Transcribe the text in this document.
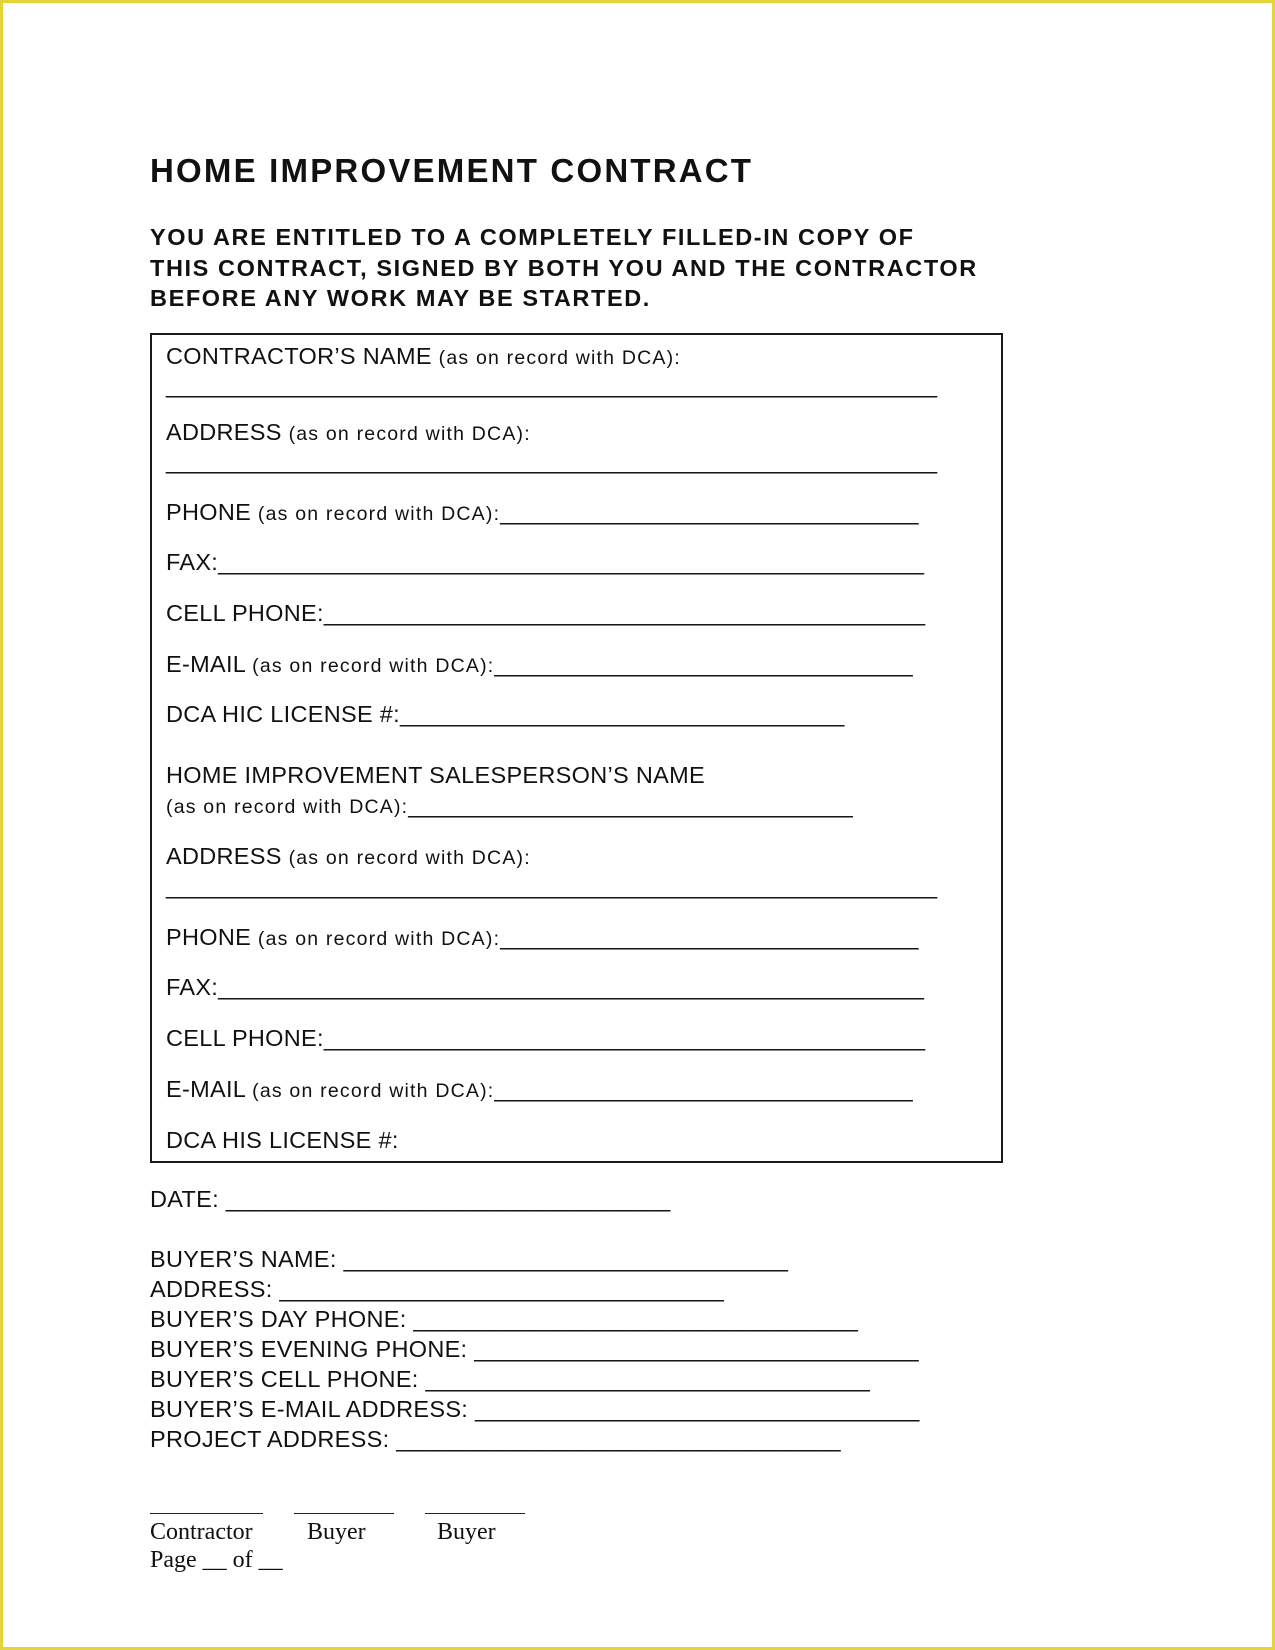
HOME IMPROVEMENT CONTRACT
YOU ARE ENTITLED TO A COMPLETELY FILLED-IN COPY OF
THIS CONTRACT, SIGNED BY BOTH YOU AND THE CONTRACTOR
BEFORE ANY WORK MAY BE STARTED.
CONTRACTOR’S NAME (as on record with DCA):
___________________________________________________________
ADDRESS (as on record with DCA):
___________________________________________________________
PHONE (as on record with DCA):________________________________
FAX:______________________________________________________
CELL PHONE:______________________________________________
E-MAIL (as on record with DCA):________________________________
DCA HIC LICENSE #:__________________________________
HOME IMPROVEMENT SALESPERSON’S NAME
(as on record with DCA):__________________________________
ADDRESS (as on record with DCA):
___________________________________________________________
PHONE (as on record with DCA):________________________________
FAX:______________________________________________________
CELL PHONE:______________________________________________
E-MAIL (as on record with DCA):________________________________
DCA HIS LICENSE #:
DATE: __________________________________
BUYER’S NAME: __________________________________
ADDRESS: __________________________________
BUYER’S DAY PHONE: __________________________________
BUYER’S EVENING PHONE: __________________________________
BUYER’S CELL PHONE: __________________________________
BUYER’S E-MAIL ADDRESS: __________________________________
PROJECT ADDRESS: __________________________________
Contractor Buyer	Buyer
Page __ of __
